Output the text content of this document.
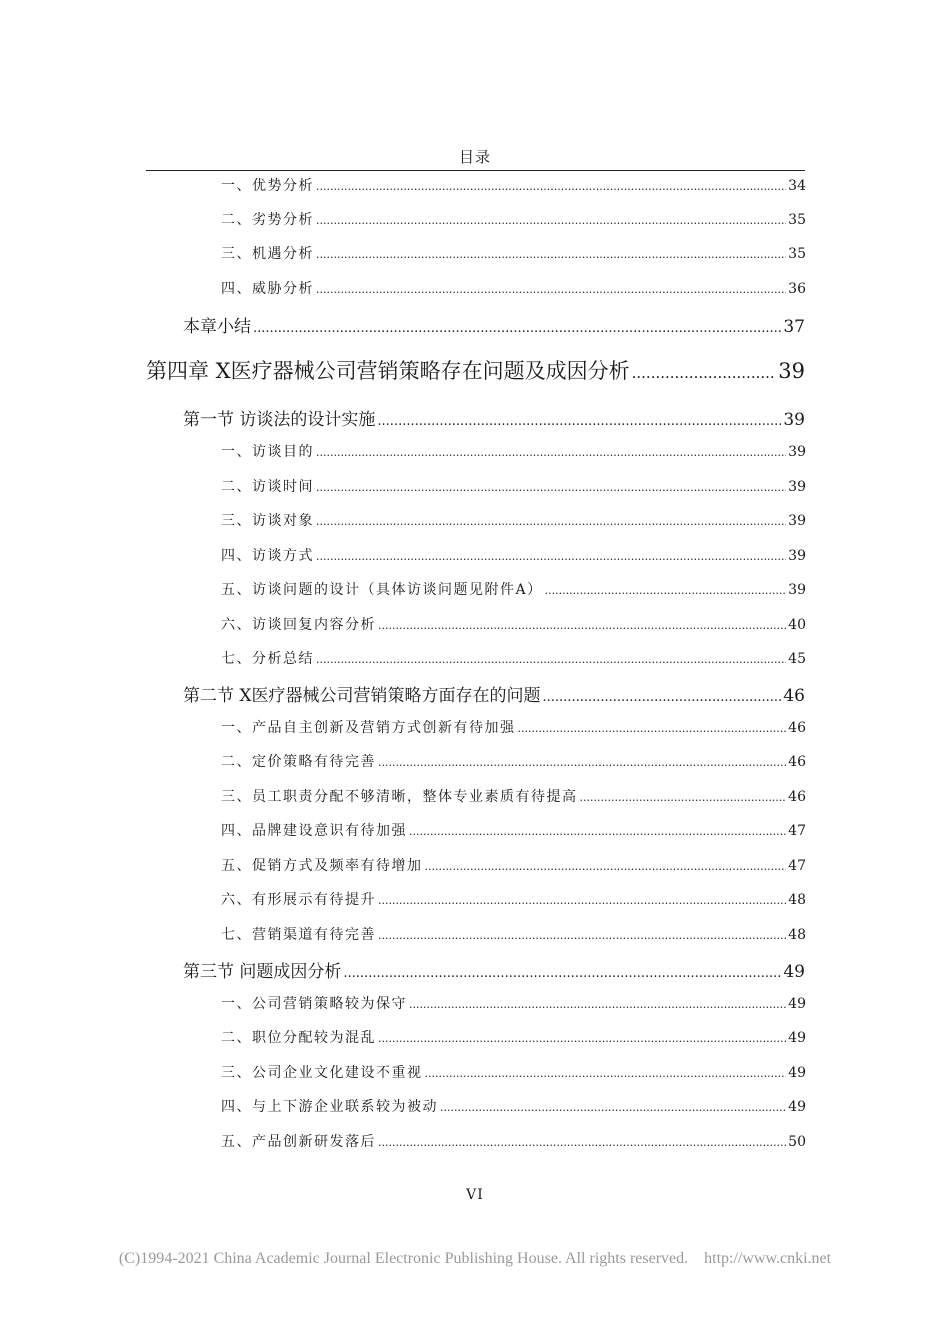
目录
一、优势分析 .....	34
二、劣势分析 .....	35
三、机遇分析 .....	35
四、威胁分析 .....	36
本章小结 .....	37
第四章 X医疗器械公司营销策略存在问题及成因分析 .....	39
第一节 访谈法的设计实施 .....	39
一、访谈目的 .....	39
二、访谈时间 .....	39
三、访谈对象 .....	39
四、访谈方式 .....	39
五、访谈问题的设计（具体访谈问题见附件A） .....	39
六、访谈回复内容分析 .....	40
七、分析总结 .....	45
第二节 X医疗器械公司营销策略方面存在的问题 .....	46
一、产品自主创新及营销方式创新有待加强 .....	46
二、定价策略有待完善 .....	46
三、员工职责分配不够清晰，整体专业素质有待提高 .....	46
四、品牌建设意识有待加强 .....	47
五、促销方式及频率有待增加 .....	47
六、有形展示有待提升 .....	48
七、营销渠道有待完善 .....	48
第三节 问题成因分析 .....	49
一、公司营销策略较为保守 .....	49
二、职位分配较为混乱 .....	49
三、公司企业文化建设不重视 .....	49
四、与上下游企业联系较为被动 .....	49
五、产品创新研发落后 .....	50
VI
(C)1994-2021 China Academic Journal Electronic Publishing House. All rights reserved. http://www.cnki.net
